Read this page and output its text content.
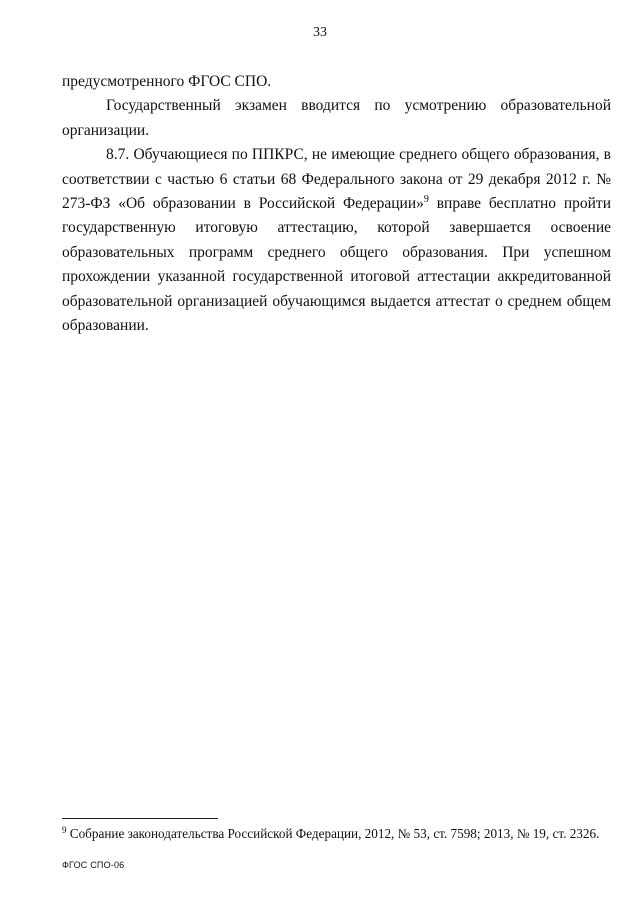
33

предусмотренного ФГОС СПО.

Государственный экзамен вводится по усмотрению образовательной организации.

8.7. Обучающиеся по ППКРС, не имеющие среднего общего образования, в соответствии с частью 6 статьи 68 Федерального закона от 29 декабря 2012 г. № 273-ФЗ «Об образовании в Российской Федерации»$^9$ вправе бесплатно пройти государственную итоговую аттестацию, которой завершается освоение образовательных программ среднего общего образования. При успешном прохождении указанной государственной итоговой аттестации аккредитованной образовательной организацией обучающимся выдается аттестат о среднем общем образовании.

$^9$ Собрание законодательства Российской Федерации, 2012, № 53, ст. 7598; 2013, № 19, ст. 2326.
ФГОС СПО-06
